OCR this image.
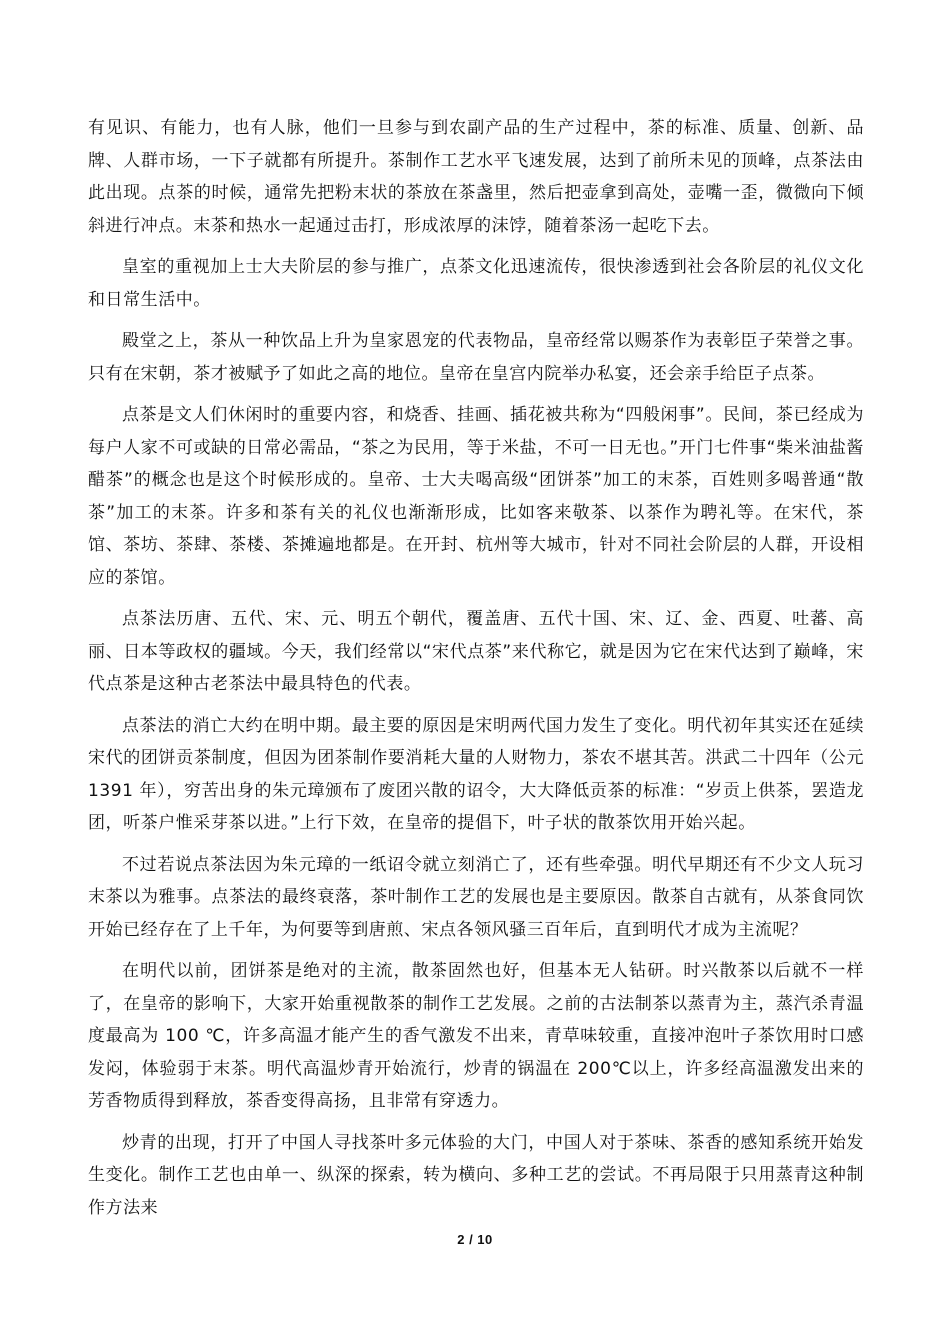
有见识、有能力，也有人脉，他们一旦参与到农副产品的生产过程中，茶的标准、质量、创新、品牌、人群市场，一下子就都有所提升。茶制作工艺水平飞速发展，达到了前所未见的顶峰，点茶法由此出现。点茶的时候，通常先把粉末状的茶放在茶盏里，然后把壶拿到高处，壶嘴一歪，微微向下倾斜进行冲点。末茶和热水一起通过击打，形成浓厚的沫饽，随着茶汤一起吃下去。

皇室的重视加上士大夫阶层的参与推广，点茶文化迅速流传，很快渗透到社会各阶层的礼仪文化和日常生活中。

殿堂之上，茶从一种饮品上升为皇家恩宠的代表物品，皇帝经常以赐茶作为表彰臣子荣誉之事。只有在宋朝，茶才被赋予了如此之高的地位。皇帝在皇宫内院举办私宴，还会亲手给臣子点茶。

点茶是文人们休闲时的重要内容，和烧香、挂画、插花被共称为“四般闲事”。民间，茶已经成为每户人家不可或缺的日常必需品，“茶之为民用，等于米盐，不可一日无也。”开门七件事“柴米油盐酱醋茶”的概念也是这个时候形成的。皇帝、士大夫喝高级“团饼茶”加工的末茶，百姓则多喝普通“散茶”加工的末茶。许多和茶有关的礼仪也渐渐形成，比如客来敬茶、以茶作为聘礼等。在宋代，茶馆、茶坊、茶肆、茶楼、茶摊遍地都是。在开封、杭州等大城市，针对不同社会阶层的人群，开设相应的茶馆。

点茶法历唐、五代、宋、元、明五个朝代，覆盖唐、五代十国、宋、辽、金、西夏、吐蕃、高丽、日本等政权的疆域。今天，我们经常以“宋代点茶”来代称它，就是因为它在宋代达到了巅峰，宋代点茶是这种古老茶法中最具特色的代表。

点茶法的消亡大约在明中期。最主要的原因是宋明两代国力发生了变化。明代初年其实还在延续宋代的团饼贡茶制度，但因为团茶制作要消耗大量的人财物力，茶农不堪其苦。洪武二十四年（公元 1391 年），穷苦出身的朱元璋颁布了废团兴散的诏令，大大降低贡茶的标准：“岁贡上供茶，罢造龙团，听茶户惟采芽茶以进。”上行下效，在皇帝的提倡下，叶子状的散茶饮用开始兴起。

不过若说点茶法因为朱元璋的一纸诏令就立刻消亡了，还有些牵强。明代早期还有不少文人玩习末茶以为雅事。点茶法的最终衰落，茶叶制作工艺的发展也是主要原因。散茶自古就有，从茶食同饮开始已经存在了上千年，为何要等到唐煎、宋点各领风骚三百年后，直到明代才成为主流呢？

在明代以前，团饼茶是绝对的主流，散茶固然也好，但基本无人钻研。时兴散茶以后就不一样了，在皇帝的影响下，大家开始重视散茶的制作工艺发展。之前的古法制茶以蒸青为主，蒸汽杀青温度最高为 100 ℃，许多高温才能产生的香气激发不出来，青草味较重，直接冲泡叶子茶饮用时口感发闷，体验弱于末茶。明代高温炒青开始流行，炒青的锅温在 200℃以上，许多经高温激发出来的芳香物质得到释放，茶香变得高扬，且非常有穿透力。

炒青的出现，打开了中国人寻找茶叶多元体验的大门，中国人对于茶味、茶香的感知系统开始发生变化。制作工艺也由单一、纵深的探索，转为横向、多种工艺的尝试。不再局限于只用蒸青这种制作方法来

2 / 10
